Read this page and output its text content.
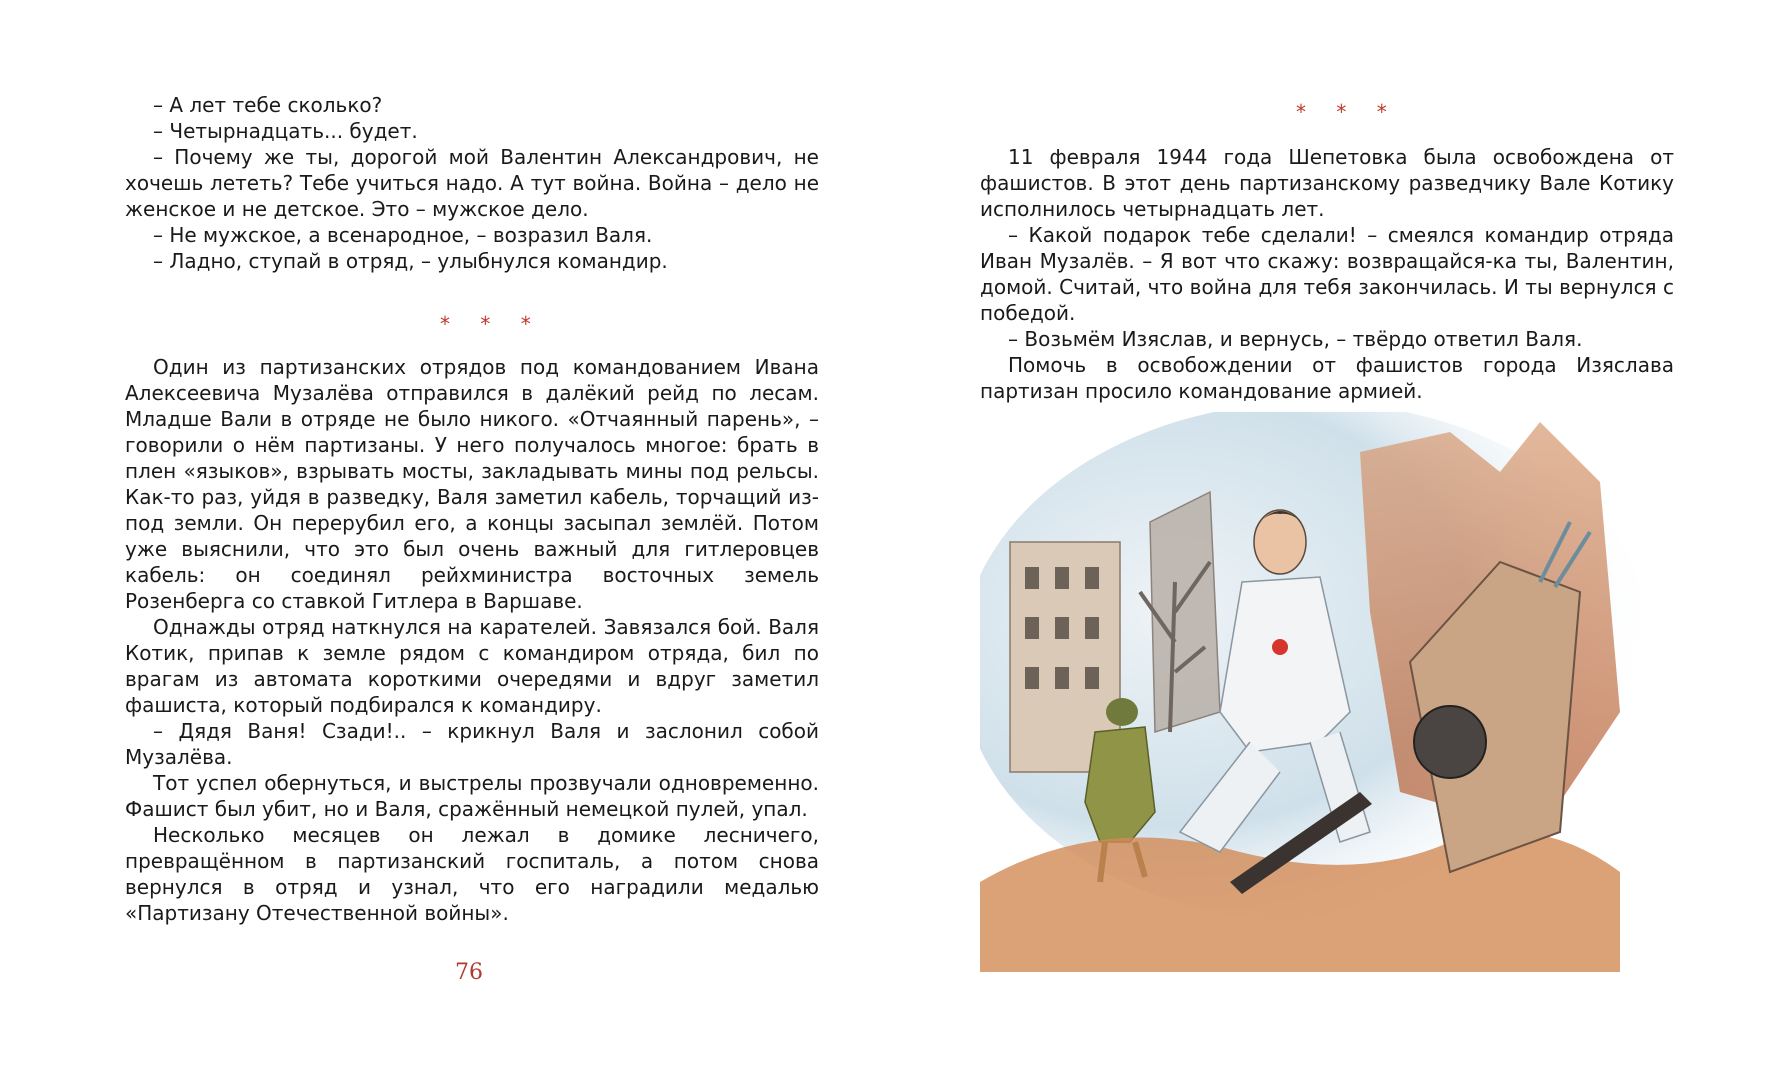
– А лет тебе сколько?
– Четырнадцать... будет.
– Почему же ты, дорогой мой Валентин Александрович, не хочешь лететь? Тебе учиться надо. А тут война. Война – дело не женское и не детское. Это – мужское дело.
– Не мужское, а всенародное, – возразил Валя.
– Ладно, ступай в отряд, – улыбнулся командир.
* * *
Один из партизанских отрядов под командованием Ивана Алексеевича Музалёва отправился в далёкий рейд по лесам. Младше Вали в отряде не было никого. «Отчаянный парень», – говорили о нём партизаны. У него получалось многое: брать в плен «языков», взрывать мосты, закладывать мины под рельсы. Как-то раз, уйдя в разведку, Валя заметил кабель, торчащий из-под земли. Он перерубил его, а концы засыпал землёй. Потом уже выяснили, что это был очень важный для гитлеровцев кабель: он соединял рейхминистра восточных земель Розенберга со ставкой Гитлера в Варшаве.
Однажды отряд наткнулся на карателей. Завязался бой. Валя Котик, припав к земле рядом с командиром отряда, бил по врагам из автомата короткими очередями и вдруг заметил фашиста, который подбирался к командиру.
– Дядя Ваня! Сзади!.. – крикнул Валя и заслонил собой Музалёва.
Тот успел обернуться, и выстрелы прозвучали одновременно. Фашист был убит, но и Валя, сражённый немецкой пулей, упал.
Несколько месяцев он лежал в домике лесничего, превращённом в партизанский госпиталь, а потом снова вернулся в отряд и узнал, что его наградили медалью «Партизану Отечественной войны».
76
* * *
11 февраля 1944 года Шепетовка была освобождена от фашистов. В этот день партизанскому разведчику Вале Котику исполнилось четырнадцать лет.
– Какой подарок тебе сделали! – смеялся командир отряда Иван Музалёв. – Я вот что скажу: возвращайся-ка ты, Валентин, домой. Считай, что война для тебя закончилась. И ты вернулся с победой.
– Возьмём Изяслав, и вернусь, – твёрдо ответил Валя.
Помочь в освобождении от фашистов города Изяслава партизан просило командование армией.
